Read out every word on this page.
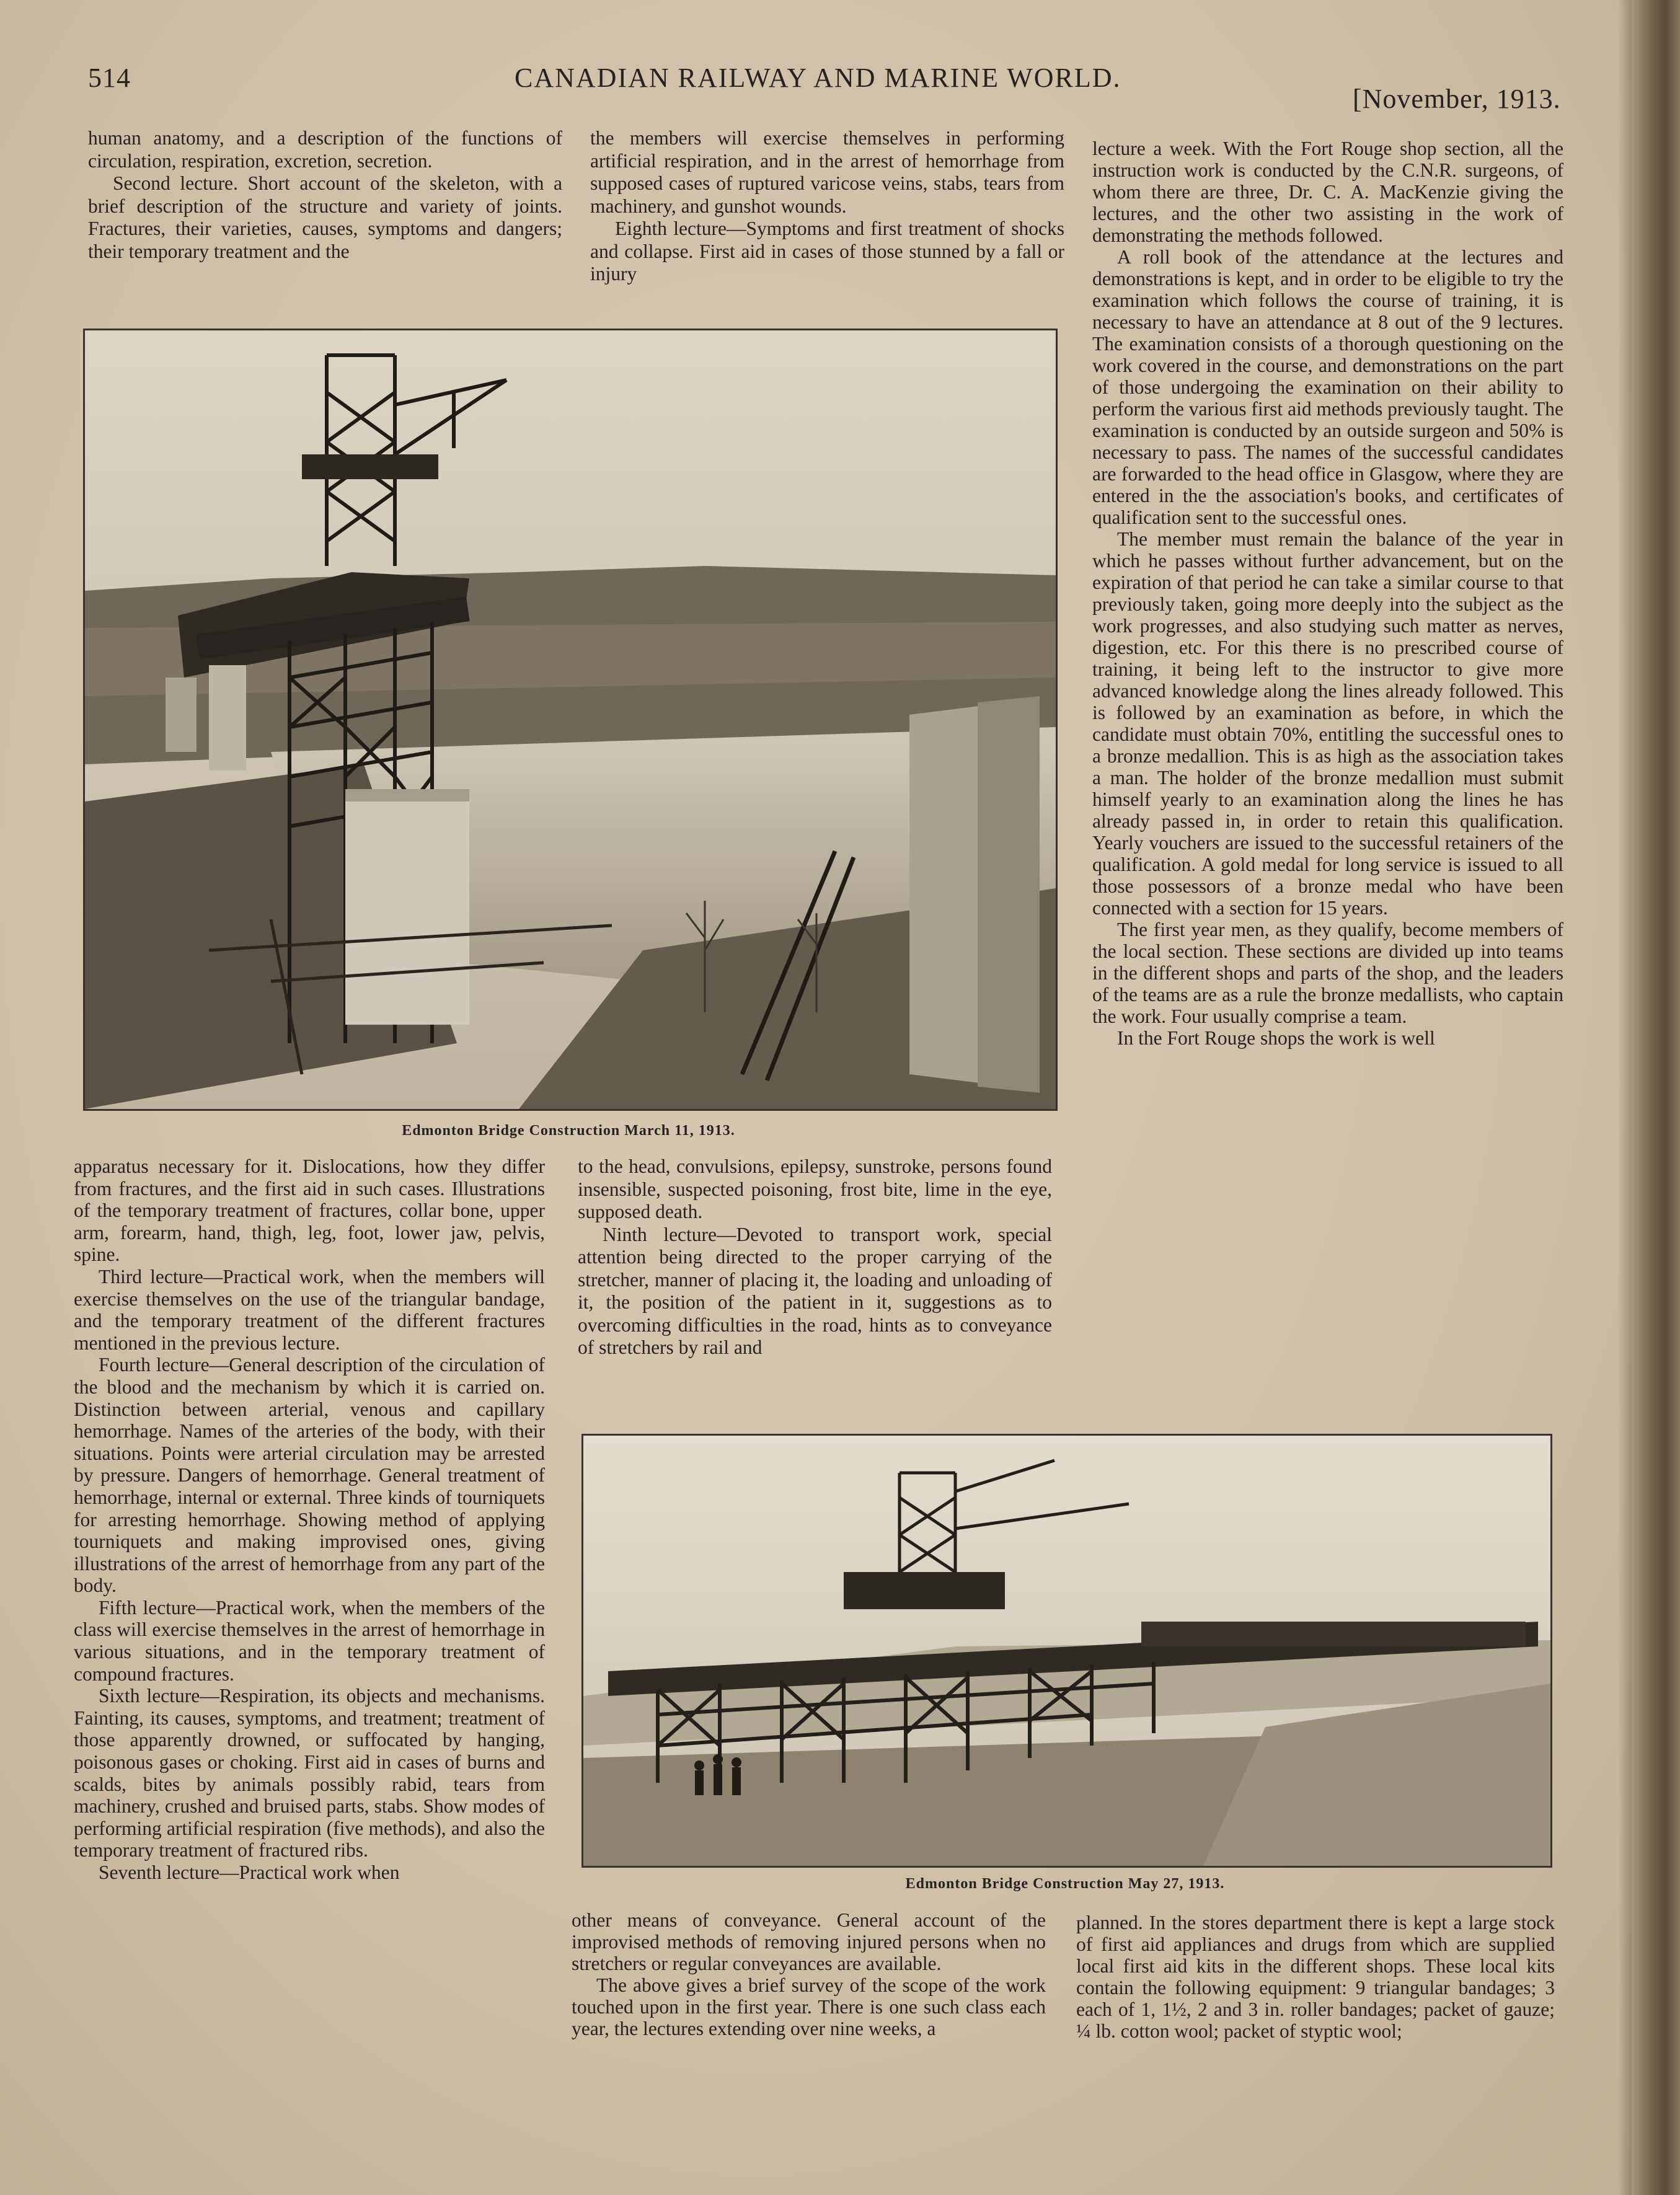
514	CANADIAN RAILWAY AND MARINE WORLD.
[November, 1913.

human anatomy, and a description of the functions of circulation, respiration, excretion, secretion.

Second lecture. Short account of the skeleton, with a brief description of the structure and variety of joints. Fractures, their varieties, causes, symptoms and dangers; their temporary treatment and the

the members will exercise themselves in performing artificial respiration, and in the arrest of hemorrhage from supposed cases of ruptured varicose veins, stabs, tears from machinery, and gunshot wounds.

Eighth lecture—Symptoms and first treatment of shocks and collapse. First aid in cases of those stunned by a fall or injury

lecture a week. With the Fort Rouge shop section, all the instruction work is conducted by the C.N.R. surgeons, of whom there are three, Dr. C. A. MacKenzie giving the lectures, and the other two assisting in the work of demonstrating the methods followed.

A roll book of the attendance at the lectures and demonstrations is kept, and in order to be eligible to try the examination which follows the course of training, it is necessary to have an attendance at 8 out of the 9 lectures. The examination consists of a thorough questioning on the work covered in the course, and demonstrations on the part of those undergoing the examination on their ability to perform the various first aid methods previously taught. The examination is conducted by an outside surgeon and 50% is necessary to pass. The names of the successful candidates are forwarded to the head office in Glasgow, where they are entered in the the association's books, and certificates of qualification sent to the successful ones.

The member must remain the balance of the year in which he passes without further advancement, but on the expiration of that period he can take a similar course to that previously taken, going more deeply into the subject as the work progresses, and also studying such matter as nerves, digestion, etc. For this there is no prescribed course of training, it being left to the instructor to give more advanced knowledge along the lines already followed. This is followed by an examination as before, in which the candidate must obtain 70%, entitling the successful ones to a bronze medallion. This is as high as the association takes a man. The holder of the bronze medallion must submit himself yearly to an examination along the lines he has already passed in, in order to retain this qualification. Yearly vouchers are issued to the successful retainers of the qualification. A gold medal for long service is issued to all those possessors of a bronze medal who have been connected with a section for 15 years.

The first year men, as they qualify, become members of the local section. These sections are divided up into teams in the different shops and parts of the shop, and the leaders of the teams are as a rule the bronze medallists, who captain the work. Four usually comprise a team.

In the Fort Rouge shops the work is well

Edmonton Bridge Construction March 11, 1913.

apparatus necessary for it. Dislocations, how they differ from fractures, and the first aid in such cases. Illustrations of the temporary treatment of fractures, collar bone, upper arm, forearm, hand, thigh, leg, foot, lower jaw, pelvis, spine.

Third lecture—Practical work, when the members will exercise themselves on the use of the triangular bandage, and the temporary treatment of the different fractures mentioned in the previous lecture.

Fourth lecture—General description of the circulation of the blood and the mechanism by which it is carried on. Distinction between arterial, venous and capillary hemorrhage. Names of the arteries of the body, with their situations. Points were arterial circulation may be arrested by pressure. Dangers of hemorrhage. General treatment of hemorrhage, internal or external. Three kinds of tourniquets for arresting hemorrhage. Showing method of applying tourniquets and making improvised ones, giving illustrations of the arrest of hemorrhage from any part of the body.

Fifth lecture—Practical work, when the members of the class will exercise themselves in the arrest of hemorrhage in various situations, and in the temporary treatment of compound fractures.

Sixth lecture—Respiration, its objects and mechanisms. Fainting, its causes, symptoms, and treatment; treatment of those apparently drowned, or suffocated by hanging, poisonous gases or choking. First aid in cases of burns and scalds, bites by animals possibly rabid, tears from machinery, crushed and bruised parts, stabs. Show modes of performing artificial respiration (five methods), and also the temporary treatment of fractured ribs.

Seventh lecture—Practical work when

to the head, convulsions, epilepsy, sunstroke, persons found insensible, suspected poisoning, frost bite, lime in the eye, supposed death.

Ninth lecture—Devoted to transport work, special attention being directed to the proper carrying of the stretcher, manner of placing it, the loading and unloading of it, the position of the patient in it, suggestions as to overcoming difficulties in the road, hints as to conveyance of stretchers by rail and

Edmonton Bridge Construction May 27, 1913.

other means of conveyance. General account of the improvised methods of removing injured persons when no stretchers or regular conveyances are available.

The above gives a brief survey of the scope of the work touched upon in the first year. There is one such class each year, the lectures extending over nine weeks, a

planned. In the stores department there is kept a large stock of first aid appliances and drugs from which are supplied local first aid kits in the different shops. These local kits contain the following equipment: 9 triangular bandages; 3 each of 1, 1½, 2 and 3 in. roller bandages; packet of gauze; ¼ lb. cotton wool; packet of styptic wool;
